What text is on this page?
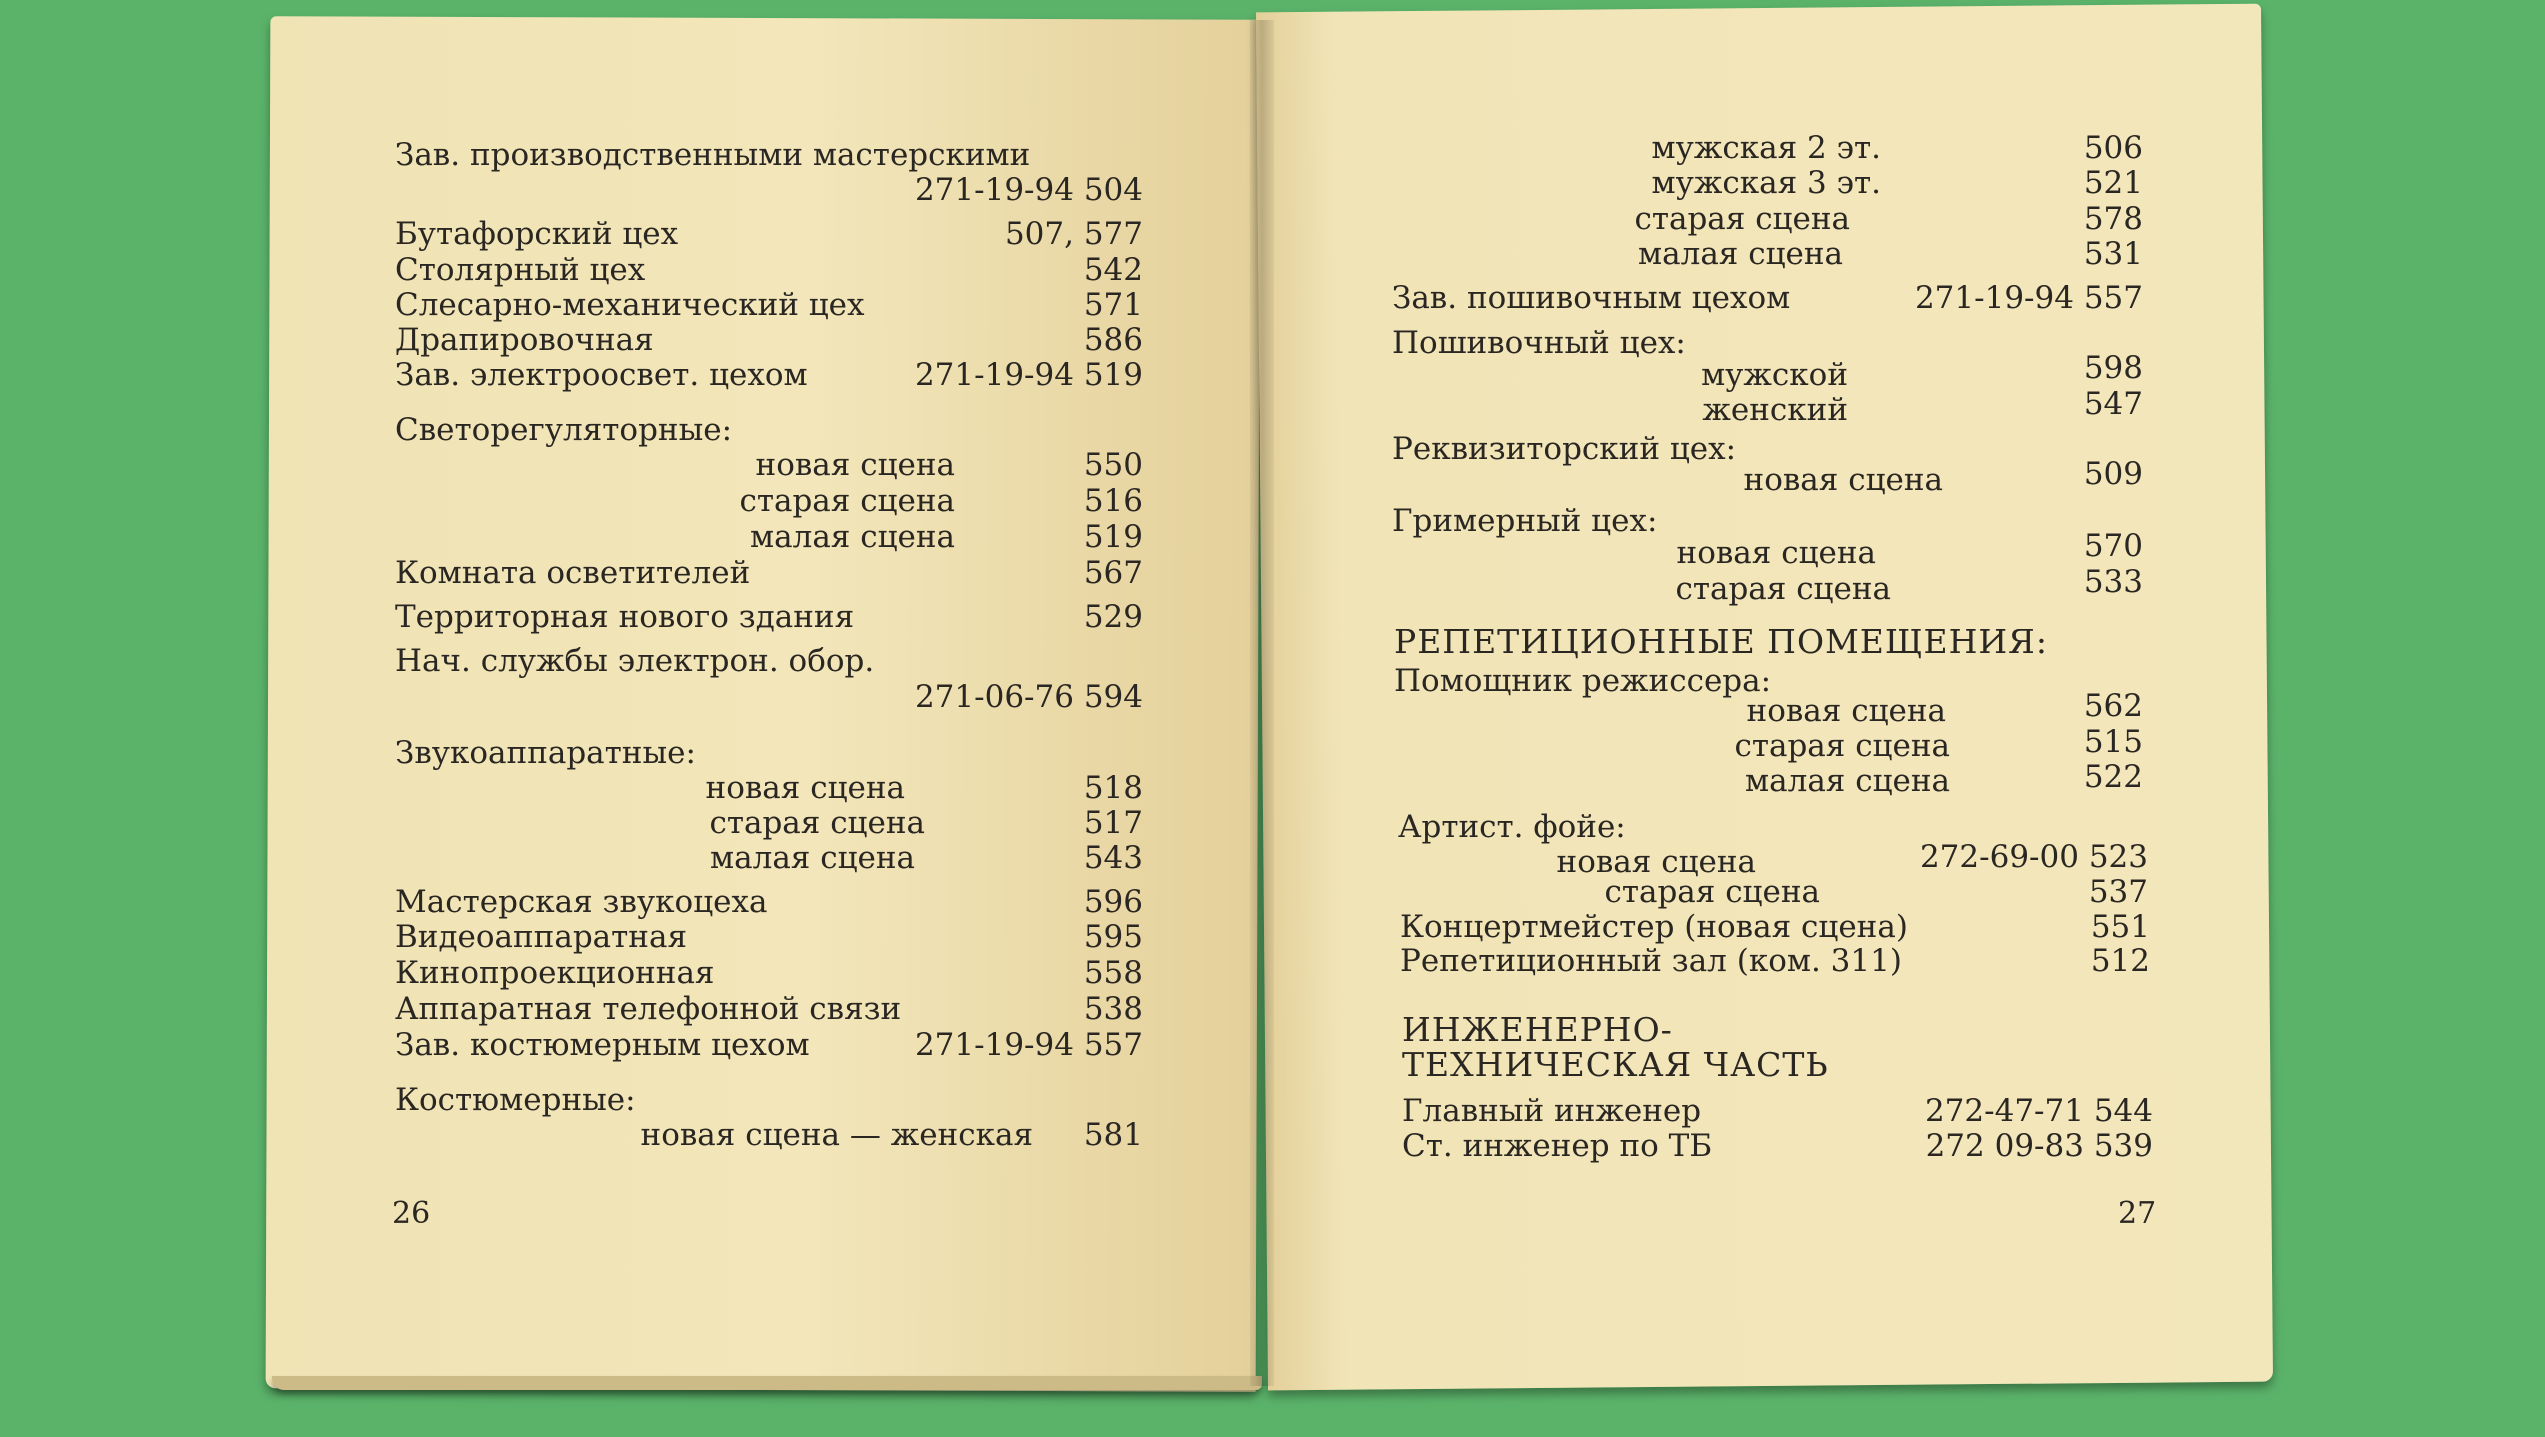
Зав. производственными мастерскими
271-19-94 504
Бутафорский цех	507, 577
Столярный цех	542
Слесарно-механический цех	571
Драпировочная	586
Зав. электроосвет. цехом	271-19-94 519
Светорегуляторные:
новая сцена	550
старая сцена	516
малая сцена	519
Комната осветителей	567
Территорная нового здания	529
Нач. службы электрон. обор.
271-06-76 594
Звукоаппаратные:
новая сцена	518
старая сцена	517
малая сцена	543
Мастерская звукоцеха	596
Видеоаппаратная	595
Кинопроекционная	558
Аппаратная телефонной связи	538
Зав. костюмерным цехом	271-19-94 557
Костюмерные:
новая сцена — женская 581
мужская 2 эт.	506
мужская 3 эт.	521
старая сцена	578
малая сцена	531
Зав. пошивочным цехом	271-19-94 557
Пошивочный цех:
мужской	598
женский	547
Реквизиторский цех:
новая сцена	509
Гримерный цех:
новая сцена	570
старая сцена	533
РЕПЕТИЦИОННЫЕ ПОМЕЩЕНИЯ:
Помощник режиссера:
новая сцена	562
старая сцена	515
малая сцена	522
Артист. фойе:
новая сцена	272-69-00 523
старая сцена	537
Концертмейстер (новая сцена)	551
Репетиционный зал (ком. 311)	512
ИНЖЕНЕРНО-
ТЕХНИЧЕСКАЯ ЧАСТЬ
Главный инженер	272-47-71 544
Ст. инженер по ТБ	272 09-83 539
26	27
